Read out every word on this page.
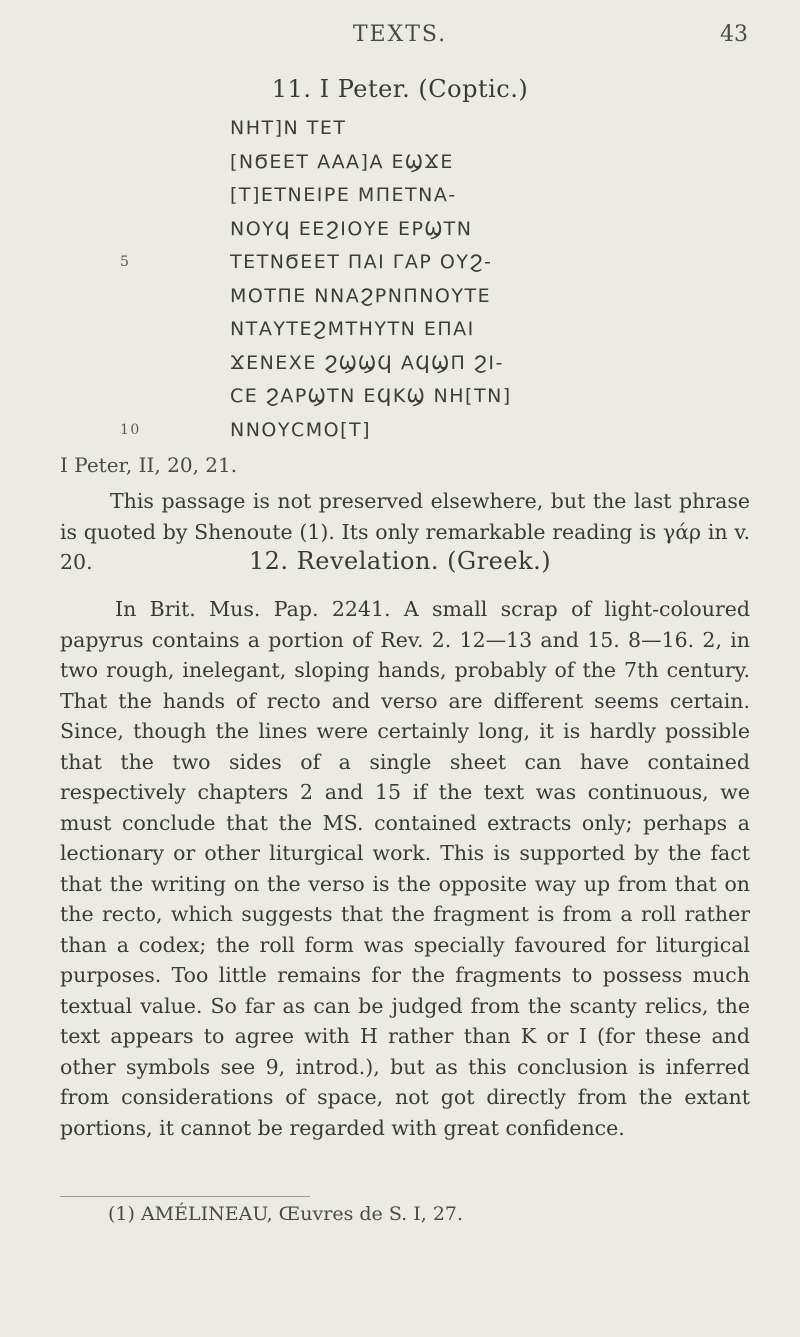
TEXTS.	43
11. I Peter. (Coptic.)
ΝΗΤ]Ν ΤΕΤ
[ΝϬΕΕΤ ΑΑΑ]Α ΕϢϪΕ
[Τ]ΕΤΝΕΙΡΕ ΜΠΕΤΝΑ-
ΝΟΥϤ ΕΕϨΙΟΥΕ ΕΡϢΤΝ
5	ΤΕΤΝϬΕΕΤ ΠΑΙ ΓΑΡ ΟΥϨ-
ΜΟΤΠΕ ΝΝΑϨΡΝΠΝΟΥΤΕ
ΝΤΑΥΤΕϨΜΤΗΥΤΝ ΕΠΑΙ
ϪΕΝΕΧΕ ϨϢϢϤ ΑϤϢΠ ϨΙ-
ϹΕ ϨΑΡϢΤΝ ΕϤΚϢ ΝΗ[ΤΝ]
10	ΝΝΟΥϹΜΟ[Τ]
I Peter, II, 20, 21.
This passage is not preserved elsewhere, but the last phrase is quoted by Shenoute (1). Its only remarkable reading is γάρ in v. 20.	12. Revelation. (Greek.)
In Brit. Mus. Pap. 2241. A small scrap of light-coloured papyrus contains a portion of Rev. 2. 12—13 and 15. 8—16. 2, in two rough, inelegant, sloping hands, probably of the 7th century. That the hands of recto and verso are different seems certain. Since, though the lines were certainly long, it is hardly possible that the two sides of a single sheet can have contained respectively chapters 2 and 15 if the text was continuous, we must conclude that the MS. contained extracts only; perhaps a lectionary or other liturgical work. This is supported by the fact that the writing on the verso is the opposite way up from that on the recto, which suggests that the fragment is from a roll rather than a codex; the roll form was specially favoured for liturgical purposes. Too little remains for the fragments to possess much textual value. So far as can be judged from the scanty relics, the text appears to agree with H rather than K or I (for these and other symbols see 9, introd.), but as this conclusion is inferred from considerations of space, not got directly from the extant portions, it cannot be regarded with great confidence.
(1) AMÉLINEAU, Œuvres de S. I, 27.
